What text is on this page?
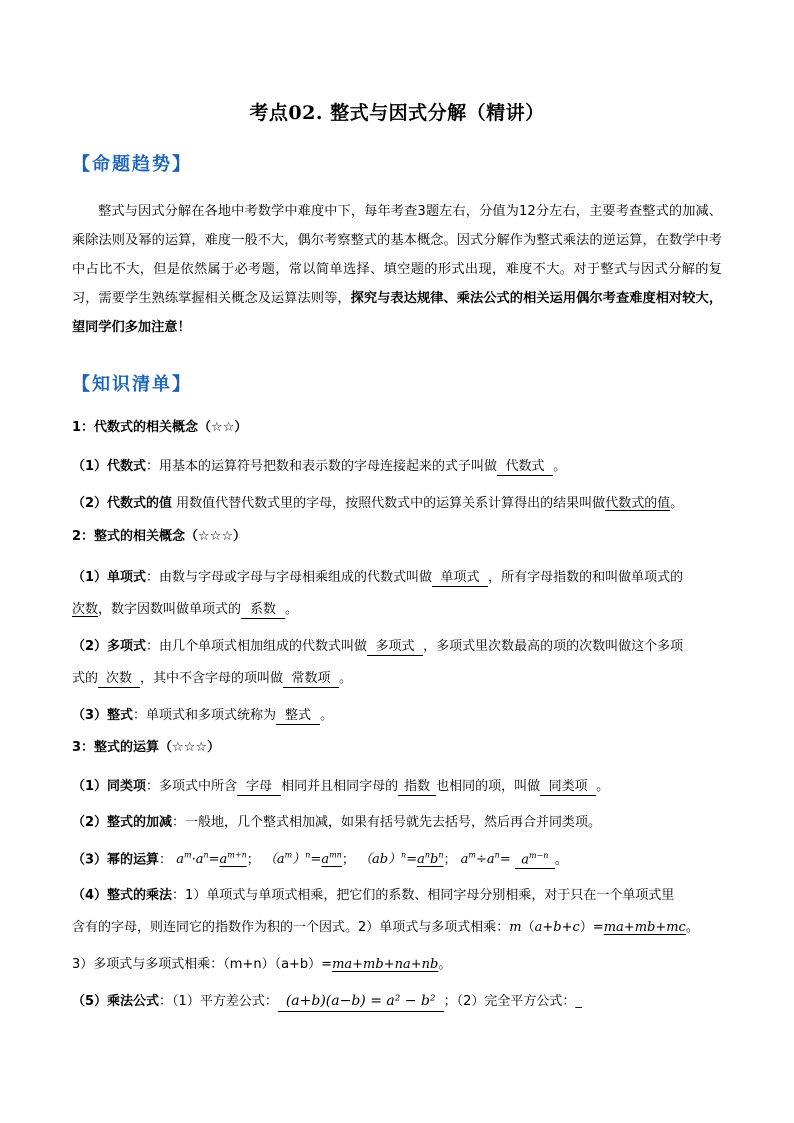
考点02. 整式与因式分解（精讲）
【命题趋势】
整式与因式分解在各地中考数学中难度中下，每年考查3题左右，分值为12分左右，主要考查整式的加减、乘除法则及幂的运算，难度一般不大，偶尔考察整式的基本概念。因式分解作为整式乘法的逆运算，在数学中考中占比不大，但是依然属于必考题，常以简单选择、填空题的形式出现，难度不大。对于整式与因式分解的复习，需要学生熟练掌握相关概念及运算法则等，探究与表达规律、乘法公式的相关运用偶尔考查难度相对较大，望同学们多加注意！
【知识清单】
1：代数式的相关概念（☆☆）
（1）代数式：用基本的运算符号把数和表示数的字母连接起来的式子叫做 代数式 。
（2）代数式的值 用数值代替代数式里的字母，按照代数式中的运算关系计算得出的结果叫做代数式的值。
2：整式的相关概念（☆☆☆）
（1）单项式：由数与字母或字母与字母相乘组成的代数式叫做 单项式 ，所有字母指数的和叫做单项式的
次数，数字因数叫做单项式的 系数 。
（2）多项式：由几个单项式相加组成的代数式叫做 多项式 ，多项式里次数最高的项的次数叫做这个多项
式的 次数 ，其中不含字母的项叫做 常数项 。
（3）整式：单项式和多项式统称为 整式 。
3：整式的运算（☆☆☆）
（1）同类项：多项式中所含 字母 相同并且相同字母的 指数 也相同的项，叫做 同类项 。
（2）整式的加减：一般地，几个整式相加减，如果有括号就先去括号，然后再合并同类项。
（3）幂的运算： $a^m\cdot a^n=a^{m+n}$； $(a^m)^n=a^{mn}$； $(ab)^n=a^nb^n$； $a^m\div a^n= a^{m-n}$ 。
（4）整式的乘法：1）单项式与单项式相乘，把它们的系数、相同字母分别相乘，对于只在一个单项式里
含有的字母，则连同它的指数作为积的一个因式。2）单项式与多项式相乘：m（a+b+c）=ma+mb+mc。
3）多项式与多项式相乘：（m+n）（a+b）=ma+mb+na+nb。
（5）乘法公式：（1）平方差公式： (a+b)(a−b) = a² − b² ；（2）完全平方公式：_
